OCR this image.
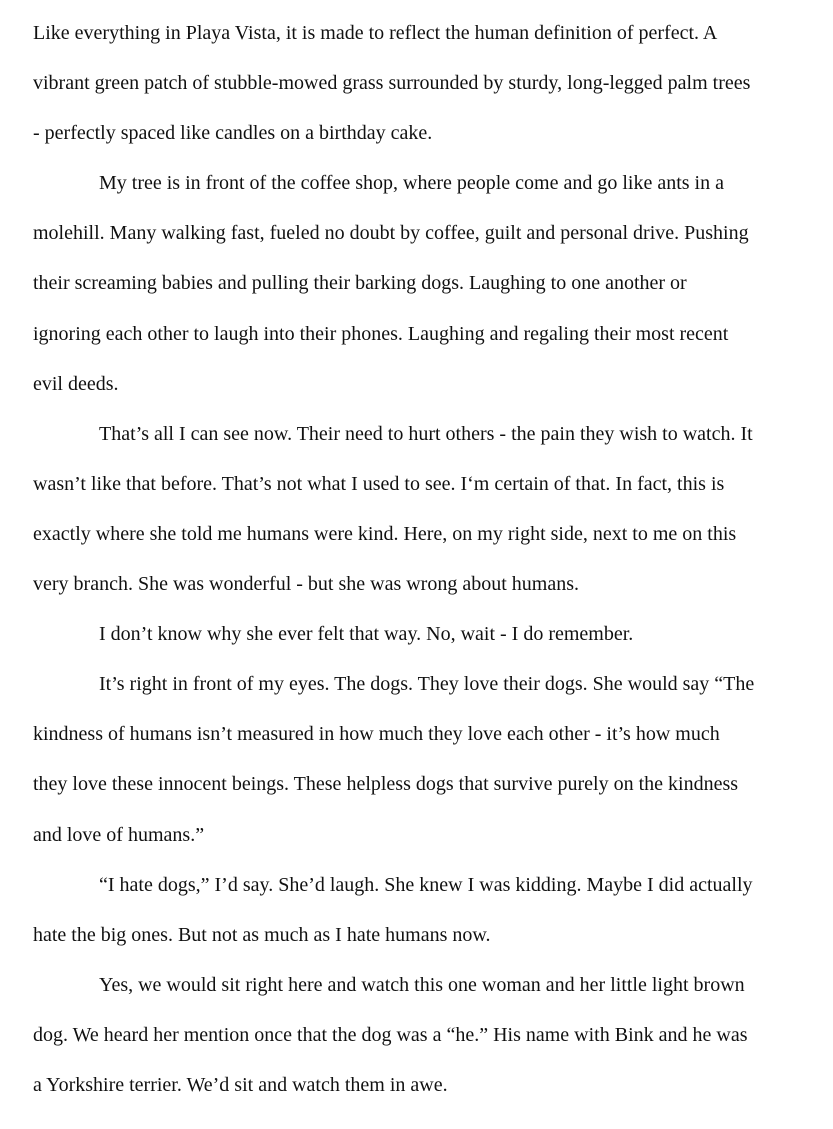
Like everything in Playa Vista, it is made to reflect the human definition of perfect. A
vibrant green patch of stubble-mowed grass surrounded by sturdy, long-legged palm trees
- perfectly spaced like candles on a birthday cake.

My tree is in front of the coffee shop, where people come and go like ants in a
molehill. Many walking fast, fueled no doubt by coffee, guilt and personal drive. Pushing
their screaming babies and pulling their barking dogs. Laughing to one another or
ignoring each other to laugh into their phones. Laughing and regaling their most recent
evil deeds.

That’s all I can see now. Their need to hurt others - the pain they wish to watch. It
wasn’t like that before. That’s not what I used to see. I‘m certain of that. In fact, this is
exactly where she told me humans were kind. Here, on my right side, next to me on this
very branch. She was wonderful - but she was wrong about humans.

I don’t know why she ever felt that way. No, wait - I do remember.

It’s right in front of my eyes. The dogs. They love their dogs. She would say “The
kindness of humans isn’t measured in how much they love each other - it’s how much
they love these innocent beings. These helpless dogs that survive purely on the kindness
and love of humans.”

“I hate dogs,” I’d say. She’d laugh. She knew I was kidding. Maybe I did actually
hate the big ones. But not as much as I hate humans now.

Yes, we would sit right here and watch this one woman and her little light brown
dog. We heard her mention once that the dog was a “he.” His name with Bink and he was
a Yorkshire terrier. We’d sit and watch them in awe.
